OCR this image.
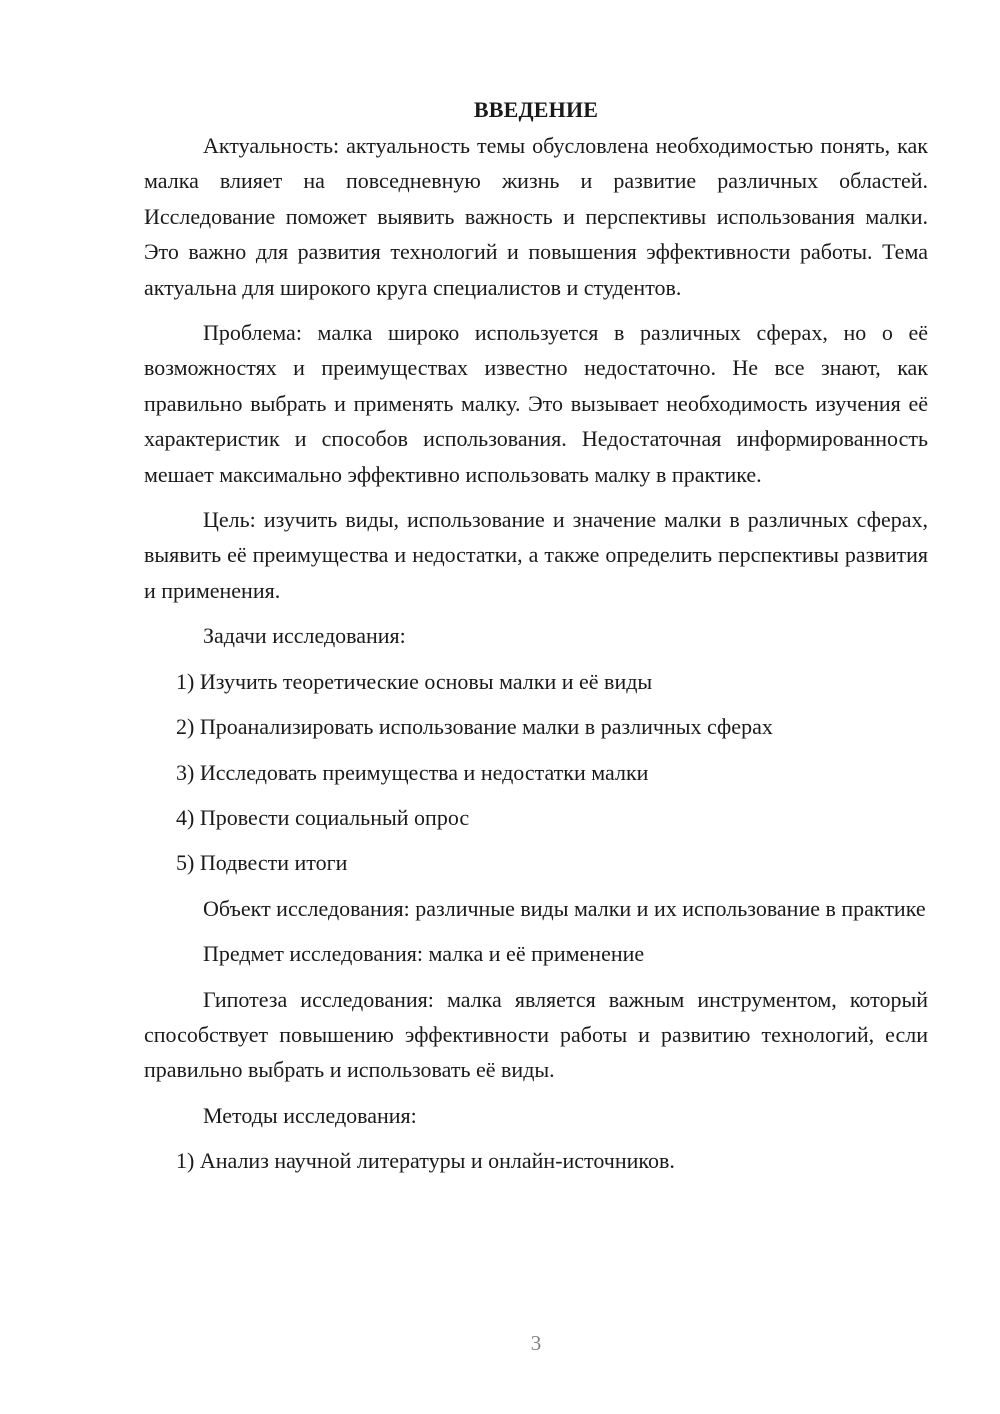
ВВЕДЕНИЕ

Актуальность: актуальность темы обусловлена необходимостью понять, как малка влияет на повседневную жизнь и развитие различных областей. Исследование поможет выявить важность и перспективы использования малки. Это важно для развития технологий и повышения эффективности работы. Тема актуальна для широкого круга специалистов и студентов.

Проблема: малка широко используется в различных сферах, но о её возможностях и преимуществах известно недостаточно. Не все знают, как правильно выбрать и применять малку. Это вызывает необходимость изучения её характеристик и способов использования. Недостаточная информированность мешает максимально эффективно использовать малку в практике.

Цель: изучить виды, использование и значение малки в различных сферах, выявить её преимущества и недостатки, а также определить перспективы развития и применения.

Задачи исследования:

1) Изучить теоретические основы малки и её виды
2) Проанализировать использование малки в различных сферах
3) Исследовать преимущества и недостатки малки
4) Провести социальный опрос
5) Подвести итоги

Объект исследования: различные виды малки и их использование в практике

Предмет исследования: малка и её применение

Гипотеза исследования: малка является важным инструментом, который способствует повышению эффективности работы и развитию технологий, если правильно выбрать и использовать её виды.

Методы исследования:

1) Анализ научной литературы и онлайн-источников.
3
